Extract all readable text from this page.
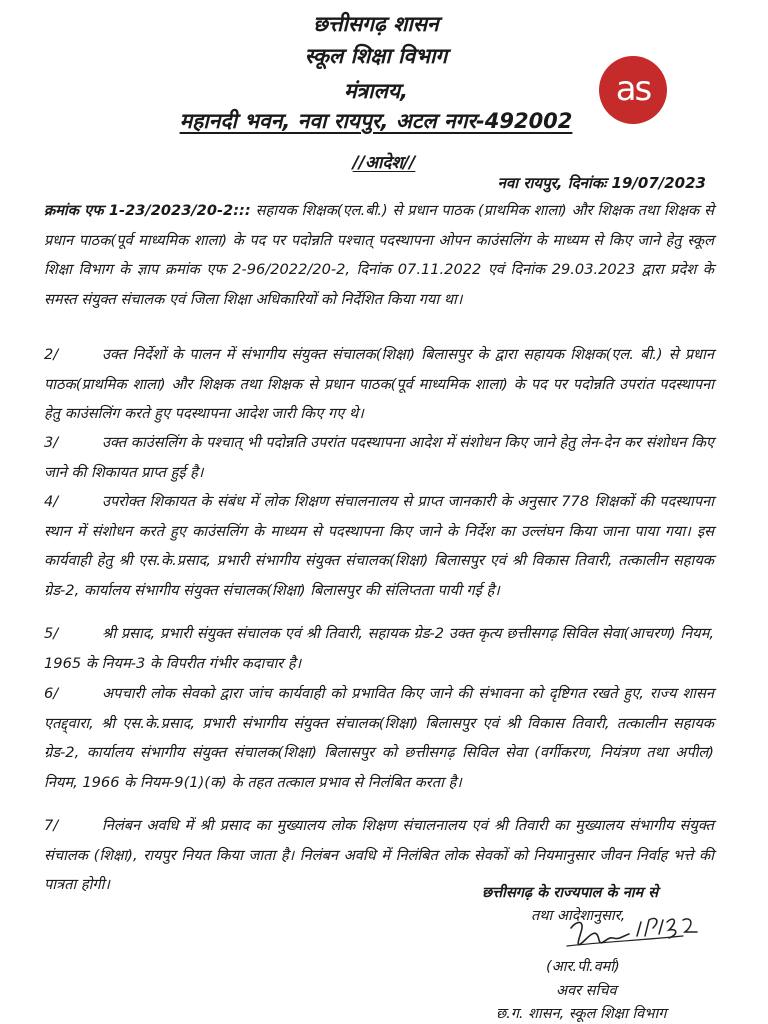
छत्तीसगढ़ शासन
स्कूल शिक्षा विभाग
मंत्रालय,
महानदी भवन, नवा रायपुर, अटल नगर-492002
as
//आदेश//
नवा रायपुर, दिनांकः 19/07/2023
क्रमांक एफ 1-23/2023/20-2::: सहायक शिक्षक(एल.बी.) से प्रधान पाठक (प्राथमिक शाला) और शिक्षक तथा शिक्षक से प्रधान पाठक(पूर्व माध्यमिक शाला) के पद पर पदोन्नति पश्चात् पदस्थापना ओपन काउंसलिंग के माध्यम से किए जाने हेतु स्कूल शिक्षा विभाग के ज्ञाप क्रमांक एफ 2-96/2022/20-2, दिनांक 07.11.2022 एवं दिनांक 29.03.2023 द्वारा प्रदेश के समस्त संयुक्त संचालक एवं जिला शिक्षा अधिकारियों को निर्देशित किया गया था।
2/	उक्त निर्देशों के पालन में संभागीय संयुक्त संचालक(शिक्षा) बिलासपुर के द्वारा सहायक शिक्षक(एल. बी.) से प्रधान पाठक(प्राथमिक शाला) और शिक्षक तथा शिक्षक से प्रधान पाठक(पूर्व माध्यमिक शाला) के पद पर पदोन्नति उपरांत पदस्थापना हेतु काउंसलिंग करते हुए पदस्थापना आदेश जारी किए गए थे।
3/	उक्त काउंसलिंग के पश्चात् भी पदोन्नति उपरांत पदस्थापना आदेश में संशोधन किए जाने हेतु लेन-देन कर संशोधन किए जाने की शिकायत प्राप्त हुई है।
4/	उपरोक्त शिकायत के संबंध में लोक शिक्षण संचालनालय से प्राप्त जानकारी के अनुसार 778 शिक्षकों की पदस्थापना स्थान में संशोधन करते हुए काउंसलिंग के माध्यम से पदस्थापना किए जाने के निर्देश का उल्लंघन किया जाना पाया गया। इस कार्यवाही हेतु श्री एस.के.प्रसाद, प्रभारी संभागीय संयुक्त संचालक(शिक्षा) बिलासपुर एवं श्री विकास तिवारी, तत्कालीन सहायक ग्रेड-2, कार्यालय संभागीय संयुक्त संचालक(शिक्षा) बिलासपुर की संलिप्तता पायी गई है।
5/	श्री प्रसाद, प्रभारी संयुक्त संचालक एवं श्री तिवारी, सहायक ग्रेड-2 उक्त कृत्य छत्तीसगढ़ सिविल सेवा(आचरण) नियम, 1965 के नियम-3 के विपरीत गंभीर कदाचार है।
6/	अपचारी लोक सेवको द्वारा जांच कार्यवाही को प्रभावित किए जाने की संभावना को दृष्टिगत रखते हुए, राज्य शासन एतद्द्वारा, श्री एस.के.प्रसाद, प्रभारी संभागीय संयुक्त संचालक(शिक्षा) बिलासपुर एवं श्री विकास तिवारी, तत्कालीन सहायक ग्रेड-2, कार्यालय संभागीय संयुक्त संचालक(शिक्षा) बिलासपुर को छत्तीसगढ़ सिविल सेवा (वर्गीकरण, नियंत्रण तथा अपील) नियम, 1966 के नियम-9(1)(क) के तहत तत्काल प्रभाव से निलंबित करता है।
7/	निलंबन अवधि में श्री प्रसाद का मुख्यालय लोक शिक्षण संचालनालय एवं श्री तिवारी का मुख्यालय संभागीय संयुक्त संचालक (शिक्षा), रायपुर नियत किया जाता है। निलंबन अवधि में निलंबित लोक सेवकों को नियमानुसार जीवन निर्वाह भत्ते की पात्रता होगी।	छत्तीसगढ़ के राज्यपाल के नाम से
तथा आदेशानुसार,
(आर.पी.वर्मा)
अवर सचिव
छ.ग. शासन, स्कूल शिक्षा विभाग
